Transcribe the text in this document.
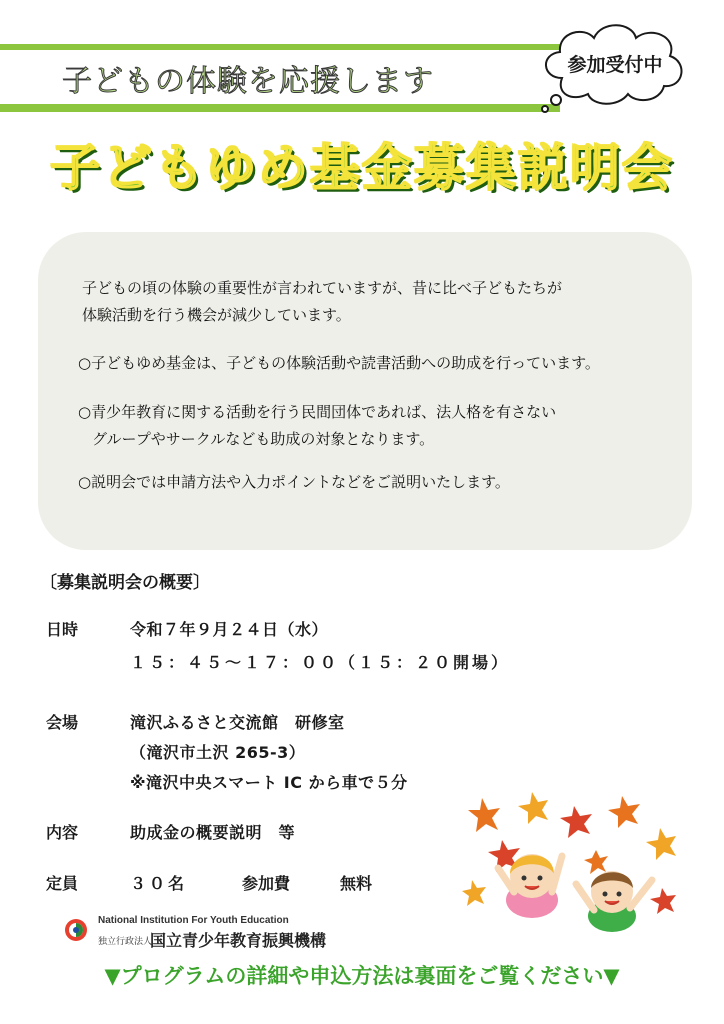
子どもの体験を応援します	参加受付中
子どもゆめ基金募集説明会
子どもの頃の体験の重要性が言われていますが、昔に比べ子どもたちが
体験活動を行う機会が減少しています。
○子どもゆめ基金は、子どもの体験活動や読書活動への助成を行っています。
○青少年教育に関する活動を行う民間団体であれば、法人格を有さない
グループやサークルなども助成の対象となります。
○説明会では申請方法や入力ポイントなどをご説明いたします。
〔募集説明会の概要〕
日時	令和７年９月２４日（水）
１５：４５～１７：００（１５：２０開場）
会場	滝沢ふるさと交流館　研修室
（滝沢市土沢 265-3）
※滝沢中央スマート IC から車で５分
内容	助成金の概要説明　等
定員	３０名	参加費	無料
National Institution For Youth Education
独立行政法人
国立青少年教育振興機構
▼プログラムの詳細や申込方法は裏面をご覧ください▼
